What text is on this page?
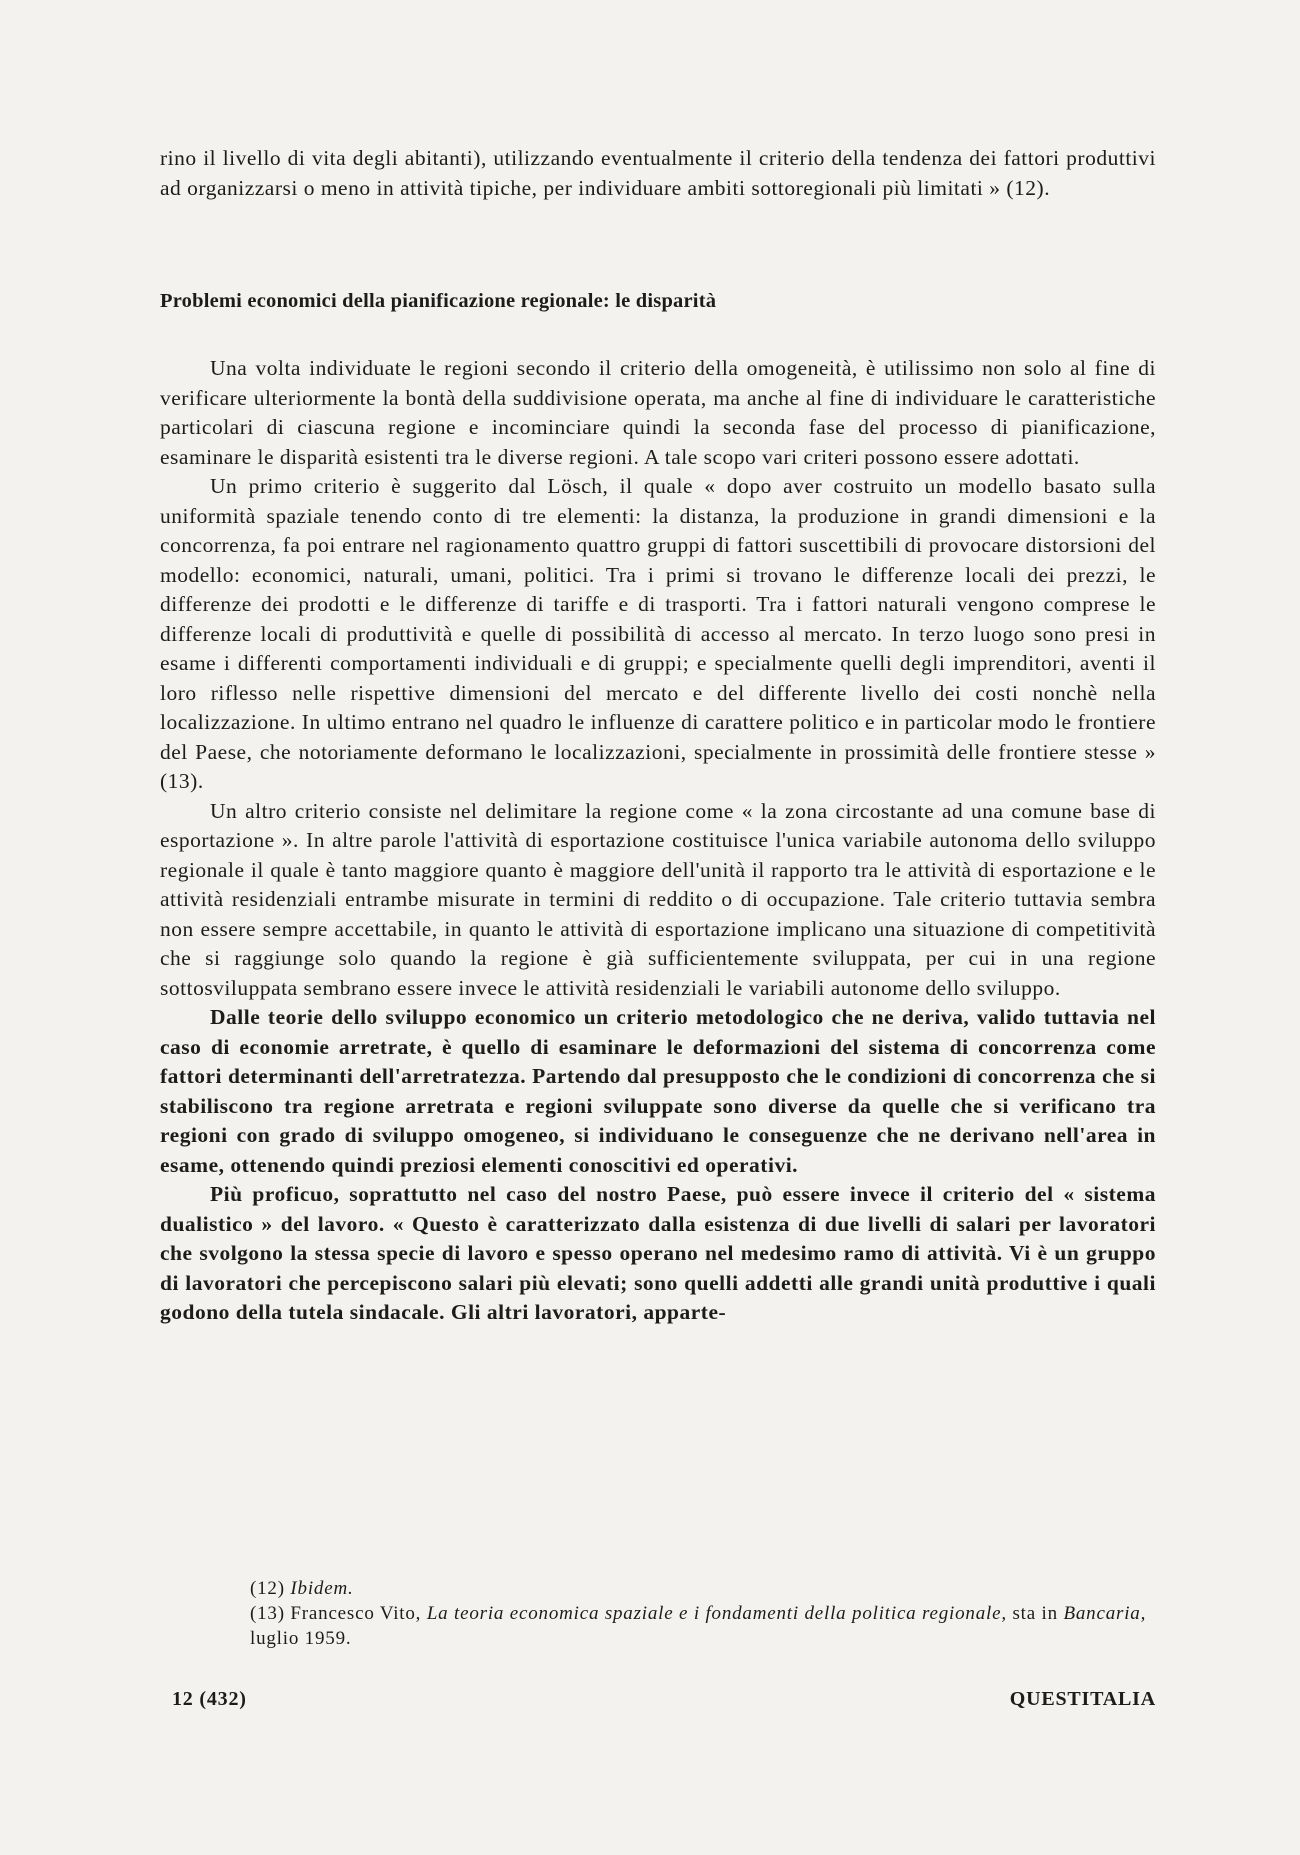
rino il livello di vita degli abitanti), utilizzando eventualmente il criterio della tendenza dei fattori produttivi ad organizzarsi o meno in attività tipiche, per individuare ambiti sottoregionali più limitati » (12).

Problemi economici della pianificazione regionale: le disparità

Una volta individuate le regioni secondo il criterio della omogeneità, è utilissimo non solo al fine di verificare ulteriormente la bontà della suddivisione operata, ma anche al fine di individuare le caratteristiche particolari di ciascuna regione e incominciare quindi la seconda fase del processo di pianificazione, esaminare le disparità esistenti tra le diverse regioni. A tale scopo vari criteri possono essere adottati.

Un primo criterio è suggerito dal Lösch, il quale « dopo aver costruito un modello basato sulla uniformità spaziale tenendo conto di tre elementi: la distanza, la produzione in grandi dimensioni e la concorrenza, fa poi entrare nel ragionamento quattro gruppi di fattori suscettibili di provocare distorsioni del modello: economici, naturali, umani, politici. Tra i primi si trovano le differenze locali dei prezzi, le differenze dei prodotti e le differenze di tariffe e di trasporti. Tra i fattori naturali vengono comprese le differenze locali di produttività e quelle di possibilità di accesso al mercato. In terzo luogo sono presi in esame i differenti comportamenti individuali e di gruppi; e specialmente quelli degli imprenditori, aventi il loro riflesso nelle rispettive dimensioni del mercato e del differente livello dei costi nonchè nella localizzazione. In ultimo entrano nel quadro le influenze di carattere politico e in particolar modo le frontiere del Paese, che notoriamente deformano le localizzazioni, specialmente in prossimità delle frontiere stesse » (13).

Un altro criterio consiste nel delimitare la regione come « la zona circostante ad una comune base di esportazione ». In altre parole l'attività di esportazione costituisce l'unica variabile autonoma dello sviluppo regionale il quale è tanto maggiore quanto è maggiore dell'unità il rapporto tra le attività di esportazione e le attività residenziali entrambe misurate in termini di reddito o di occupazione. Tale criterio tuttavia sembra non essere sempre accettabile, in quanto le attività di esportazione implicano una situazione di competitività che si raggiunge solo quando la regione è già sufficientemente sviluppata, per cui in una regione sottosviluppata sembrano essere invece le attività residenziali le variabili autonome dello sviluppo.

Dalle teorie dello sviluppo economico un criterio metodologico che ne deriva, valido tuttavia nel caso di economie arretrate, è quello di esaminare le deformazioni del sistema di concorrenza come fattori determinanti dell'arretratezza. Partendo dal presupposto che le condizioni di concorrenza che si stabiliscono tra regione arretrata e regioni sviluppate sono diverse da quelle che si verificano tra regioni con grado di sviluppo omogeneo, si individuano le conseguenze che ne derivano nell'area in esame, ottenendo quindi preziosi elementi conoscitivi ed operativi.

Più proficuo, soprattutto nel caso del nostro Paese, può essere invece il criterio del « sistema dualistico » del lavoro. « Questo è caratterizzato dalla esistenza di due livelli di salari per lavoratori che svolgono la stessa specie di lavoro e spesso operano nel medesimo ramo di attività. Vi è un gruppo di lavoratori che percepiscono salari più elevati; sono quelli addetti alle grandi unità produttive i quali godono della tutela sindacale. Gli altri lavoratori, apparte-

(12) Ibidem.

(13) Francesco Vito, La teoria economica spaziale e i fondamenti della politica regionale, sta in Bancaria, luglio 1959.

12 (432)	QUESTITALIA
